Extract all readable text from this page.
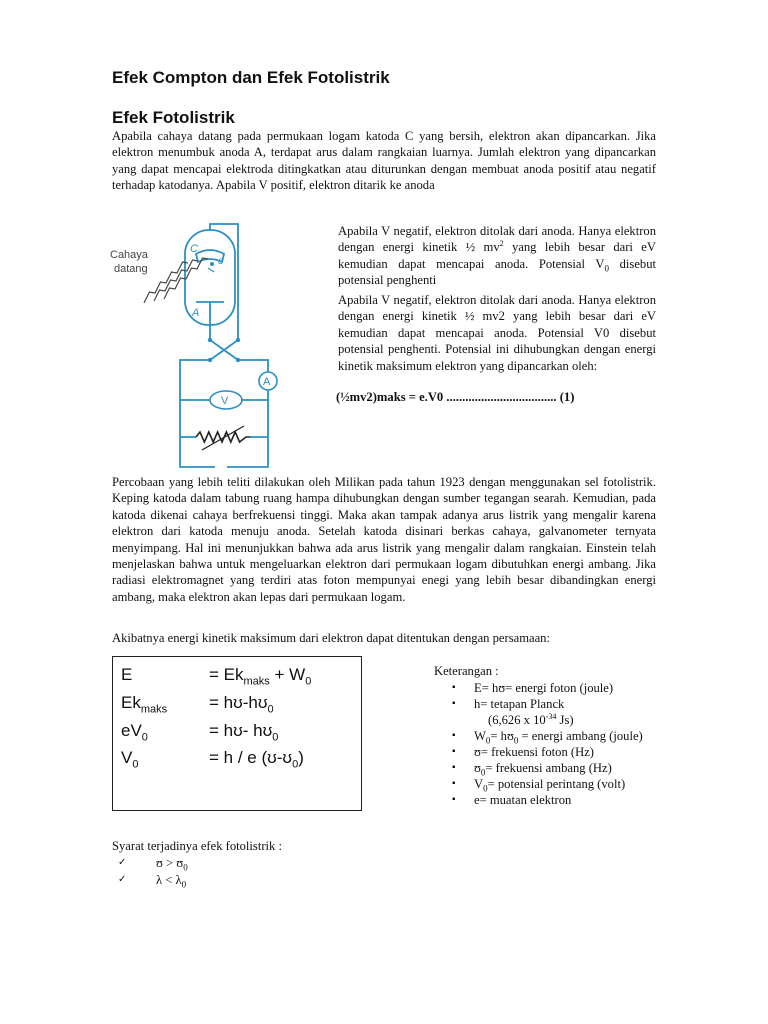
Efek Compton dan Efek Fotolistrik
Efek Fotolistrik
Apabila cahaya datang pada permukaan logam katoda C yang bersih, elektron akan dipancarkan. Jika elektron menumbuk anoda A, terdapat arus dalam rangkaian luarnya. Jumlah elektron yang dipancarkan yang dapat mencapai elektroda ditingkatkan atau diturunkan dengan membuat anoda positif atau negatif terhadap katodanya. Apabila V positif, elektron ditarik ke anoda
Cahaya
datang
C
A
e
V
A
Apabila V negatif, elektron ditolak dari anoda. Hanya elektron dengan energi kinetik ½ $mv^2$ yang lebih besar dari eV kemudian dapat mencapai anoda. Potensial $V_0$ disebut potensial penghenti
Apabila V negatif, elektron ditolak dari anoda. Hanya elektron dengan energi kinetik ½ mv2 yang lebih besar dari eV kemudian dapat mencapai anoda. Potensial V0 disebut potensial penghenti. Potensial ini dihubungkan dengan energi kinetik maksimum elektron yang dipancarkan oleh:
(½mv2)maks = e.V0 ................................... (1)
Percobaan yang lebih teliti dilakukan oleh Milikan pada tahun 1923 dengan menggunakan sel fotolistrik. Keping katoda dalam tabung ruang hampa dihubungkan dengan sumber tegangan searah. Kemudian, pada katoda dikenai cahaya berfrekuensi tinggi. Maka akan tampak adanya arus listrik yang mengalir karena elektron dari katoda menuju anoda. Setelah katoda disinari berkas cahaya, galvanometer ternyata menyimpang. Hal ini menunjukkan bahwa ada arus listrik yang mengalir dalam rangkaian. Einstein telah menjelaskan bahwa untuk mengeluarkan elektron dari permukaan logam dibutuhkan energi ambang. Jika radiasi elektromagnet yang terdiri atas foton mempunyai enegi yang lebih besar dibandingkan energi ambang, maka elektron akan lepas dari permukaan logam.
Akibatnya energi kinetik maksimum dari elektron dapat ditentukan dengan persamaan:
E	= $Ek_{maks} + W_0$
$Ek_{maks}$ = hʊ-hʊ$_0$
$eV_0$	= hʊ- hʊ$_0$
$V_0$	= h / e (ʊ-ʊ$_0$)
Keterangan :
▪ E= hʊ= energi foton (joule)
▪ h= tetapan Planck
(6,626 x $10^{-34}$ Js)
▪ $W_0=$ hʊ$_0$ = energi ambang (joule)
▪ ʊ= frekuensi foton (Hz)
▪ ʊ$_0$= frekuensi ambang (Hz)
▪ $V_0=$ potensial perintang (volt)
▪ e= muatan elektron
Syarat terjadinya efek fotolistrik :
✓ ʊ > ʊ$_0$
✓ $\lambda < \lambda_0$
